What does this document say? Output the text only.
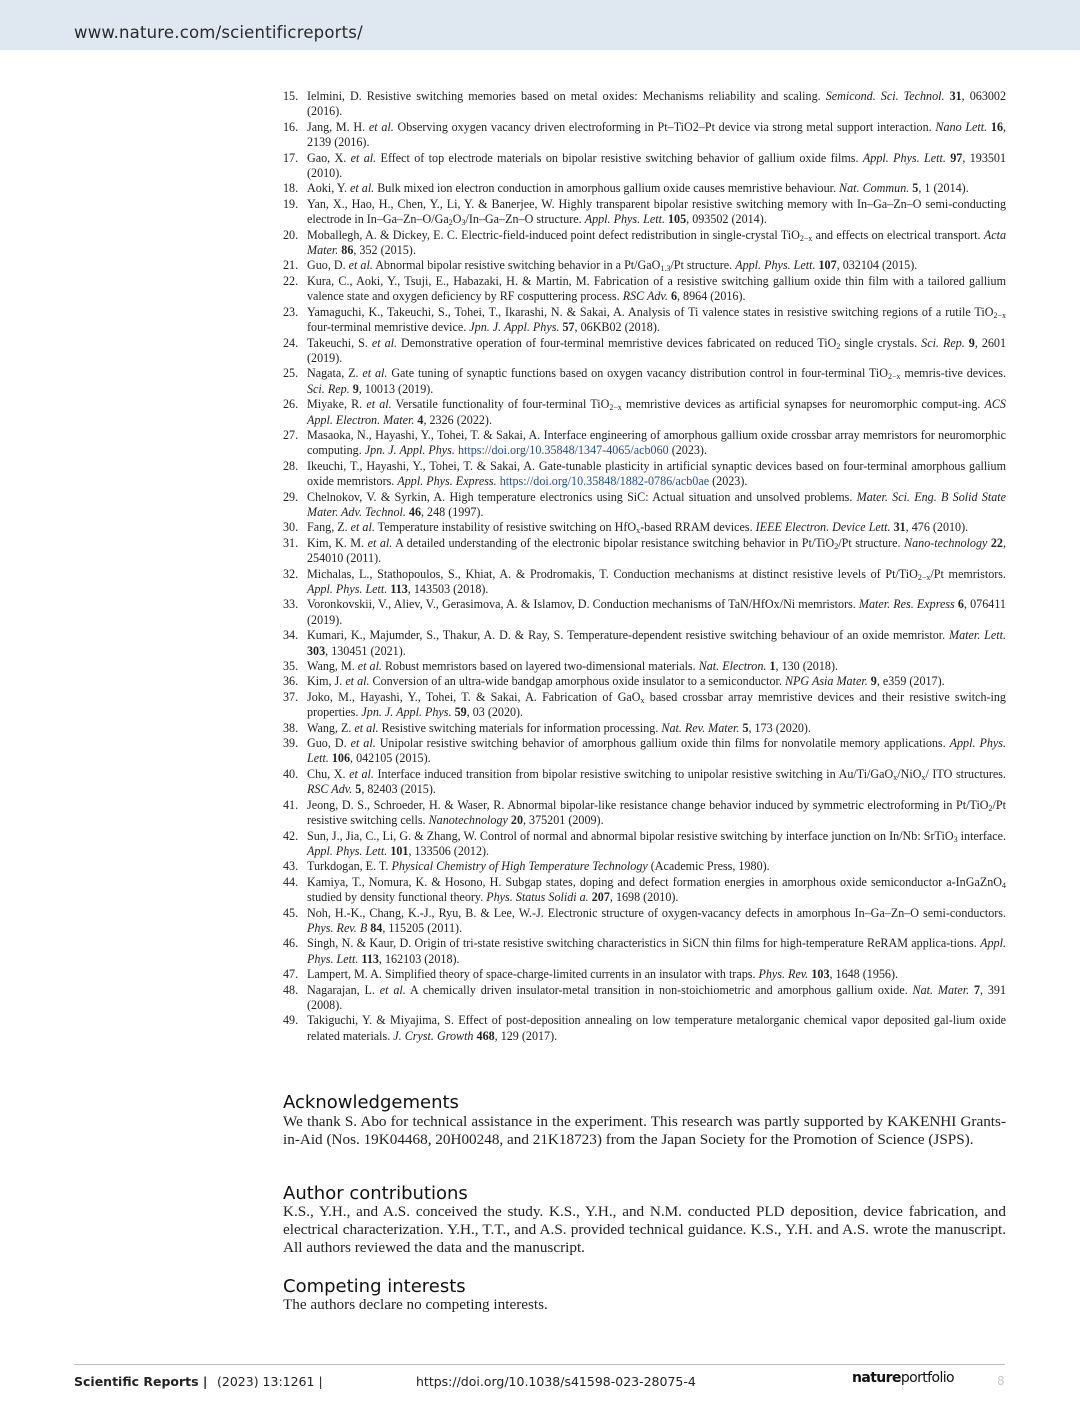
www.nature.com/scientificreports/
15. Ielmini, D. Resistive switching memories based on metal oxides: Mechanisms reliability and scaling. Semicond. Sci. Technol. 31, 063002 (2016).
16. Jang, M. H. et al. Observing oxygen vacancy driven electroforming in Pt–TiO2–Pt device via strong metal support interaction. Nano Lett. 16, 2139 (2016).
17. Gao, X. et al. Effect of top electrode materials on bipolar resistive switching behavior of gallium oxide films. Appl. Phys. Lett. 97, 193501 (2010).
18. Aoki, Y. et al. Bulk mixed ion electron conduction in amorphous gallium oxide causes memristive behaviour. Nat. Commun. 5, 1 (2014).
19. Yan, X., Hao, H., Chen, Y., Li, Y. & Banerjee, W. Highly transparent bipolar resistive switching memory with In–Ga–Zn–O semi-conducting electrode in $In-Ga-Zn-O/Ga_2O_3/In-Ga-Zn-O$ structure. Appl. Phys. Lett. 105, 093502 (2014).
20. Moballegh, A. & Dickey, E. C. Electric-field-induced point defect redistribution in single-crystal TiO$_{2-x}$ and effects on electrical transport. Acta Mater. 86, 352 (2015).
21. Guo, D. et al. Abnormal bipolar resistive switching behavior in a Pt/GaO$_{1.3}$/Pt structure. Appl. Phys. Lett. 107, 032104 (2015).
22. Kura, C., Aoki, Y., Tsuji, E., Habazaki, H. & Martin, M. Fabrication of a resistive switching gallium oxide thin film with a tailored gallium valence state and oxygen deficiency by RF cosputtering process. RSC Adv. 6, 8964 (2016).
23. Yamaguchi, K., Takeuchi, S., Tohei, T., Ikarashi, N. & Sakai, A. Analysis of Ti valence states in resistive switching regions of a rutile TiO$_{2-x}$ four-terminal memristive device. Jpn. J. Appl. Phys. 57, 06KB02 (2018).
24. Takeuchi, S. et al. Demonstrative operation of four-terminal memristive devices fabricated on reduced TiO$_2$ single crystals. Sci. Rep. 9, 2601 (2019).
25. Nagata, Z. et al. Gate tuning of synaptic functions based on oxygen vacancy distribution control in four-terminal TiO$_{2-x}$ memris-tive devices. Sci. Rep. 9, 10013 (2019).
26. Miyake, R. et al. Versatile functionality of four-terminal TiO$_{2-x}$ memristive devices as artificial synapses for neuromorphic comput-ing. ACS Appl. Electron. Mater. 4, 2326 (2022).
27. Masaoka, N., Hayashi, Y., Tohei, T. & Sakai, A. Interface engineering of amorphous gallium oxide crossbar array memristors for neuromorphic computing. Jpn. J. Appl. Phys. https://doi.org/10.35848/1347-4065/acb060 (2023).
28. Ikeuchi, T., Hayashi, Y., Tohei, T. & Sakai, A. Gate-tunable plasticity in artificial synaptic devices based on four-terminal amorphous gallium oxide memristors. Appl. Phys. Express. https://doi.org/10.35848/1882-0786/acb0ae (2023).
29. Chelnokov, V. & Syrkin, A. High temperature electronics using SiC: Actual situation and unsolved problems. Mater. Sci. Eng. B Solid State Mater. Adv. Technol. 46, 248 (1997).
30. Fang, Z. et al. Temperature instability of resistive switching on HfO$_x$-based RRAM devices. IEEE Electron. Device Lett. 31, 476 (2010).
31. Kim, K. M. et al. A detailed understanding of the electronic bipolar resistance switching behavior in Pt/TiO$_2$/Pt structure. Nano-technology 22, 254010 (2011).
32. Michalas, L., Stathopoulos, S., Khiat, A. & Prodromakis, T. Conduction mechanisms at distinct resistive levels of Pt/TiO$_{2-x}$/Pt memristors. Appl. Phys. Lett. 113, 143503 (2018).
33. Voronkovskii, V., Aliev, V., Gerasimova, A. & Islamov, D. Conduction mechanisms of TaN/HfOx/Ni memristors. Mater. Res. Express 6, 076411 (2019).
34. Kumari, K., Majumder, S., Thakur, A. D. & Ray, S. Temperature-dependent resistive switching behaviour of an oxide memristor. Mater. Lett. 303, 130451 (2021).
35. Wang, M. et al. Robust memristors based on layered two-dimensional materials. Nat. Electron. 1, 130 (2018).
36. Kim, J. et al. Conversion of an ultra-wide bandgap amorphous oxide insulator to a semiconductor. NPG Asia Mater. 9, e359 (2017).
37. Joko, M., Hayashi, Y., Tohei, T. & Sakai, A. Fabrication of GaO$_x$ based crossbar array memristive devices and their resistive switch-ing properties. Jpn. J. Appl. Phys. 59, 03 (2020).
38. Wang, Z. et al. Resistive switching materials for information processing. Nat. Rev. Mater. 5, 173 (2020).
39. Guo, D. et al. Unipolar resistive switching behavior of amorphous gallium oxide thin films for nonvolatile memory applications. Appl. Phys. Lett. 106, 042105 (2015).
40. Chu, X. et al. Interface induced transition from bipolar resistive switching to unipolar resistive switching in Au/Ti/GaO$_x$/NiO$_x$/ ITO structures. RSC Adv. 5, 82403 (2015).
41. Jeong, D. S., Schroeder, H. & Waser, R. Abnormal bipolar-like resistance change behavior induced by symmetric electroforming in Pt/TiO$_2$/Pt resistive switching cells. Nanotechnology 20, 375201 (2009).
42. Sun, J., Jia, C., Li, G. & Zhang, W. Control of normal and abnormal bipolar resistive switching by interface junction on In/Nb: SrTiO$_3$ interface. Appl. Phys. Lett. 101, 133506 (2012).
43. Turkdogan, E. T. Physical Chemistry of High Temperature Technology (Academic Press, 1980).
44. Kamiya, T., Nomura, K. & Hosono, H. Subgap states, doping and defect formation energies in amorphous oxide semiconductor a-InGaZnO$_4$ studied by density functional theory. Phys. Status Solidi a. 207, 1698 (2010).
45. Noh, H.-K., Chang, K.-J., Ryu, B. & Lee, W.-J. Electronic structure of oxygen-vacancy defects in amorphous In–Ga–Zn–O semi-conductors. Phys. Rev. B 84, 115205 (2011).
46. Singh, N. & Kaur, D. Origin of tri-state resistive switching characteristics in SiCN thin films for high-temperature ReRAM applica-tions. Appl. Phys. Lett. 113, 162103 (2018).
47. Lampert, M. A. Simplified theory of space-charge-limited currents in an insulator with traps. Phys. Rev. 103, 1648 (1956).
48. Nagarajan, L. et al. A chemically driven insulator-metal transition in non-stoichiometric and amorphous gallium oxide. Nat. Mater. 7, 391 (2008).
49. Takiguchi, Y. & Miyajima, S. Effect of post-deposition annealing on low temperature metalorganic chemical vapor deposited gal-lium oxide related materials. J. Cryst. Growth 468, 129 (2017).
Acknowledgements

We thank S. Abo for technical assistance in the experiment. This research was partly supported by KAKENHI Grants-in-Aid (Nos. 19K04468, 20H00248, and 21K18723) from the Japan Society for the Promotion of Science (JSPS).

Author contributions

K.S., Y.H., and A.S. conceived the study. K.S., Y.H., and N.M. conducted PLD deposition, device fabrication, and electrical characterization. Y.H., T.T., and A.S. provided technical guidance. K.S., Y.H. and A.S. wrote the manuscript. All authors reviewed the data and the manuscript.

Competing interests

The authors declare no competing interests.

Scientific Reports | (2023) 13:1261 |	https://doi.org/10.1038/s41598-023-28075-4	natureportfolio	8
